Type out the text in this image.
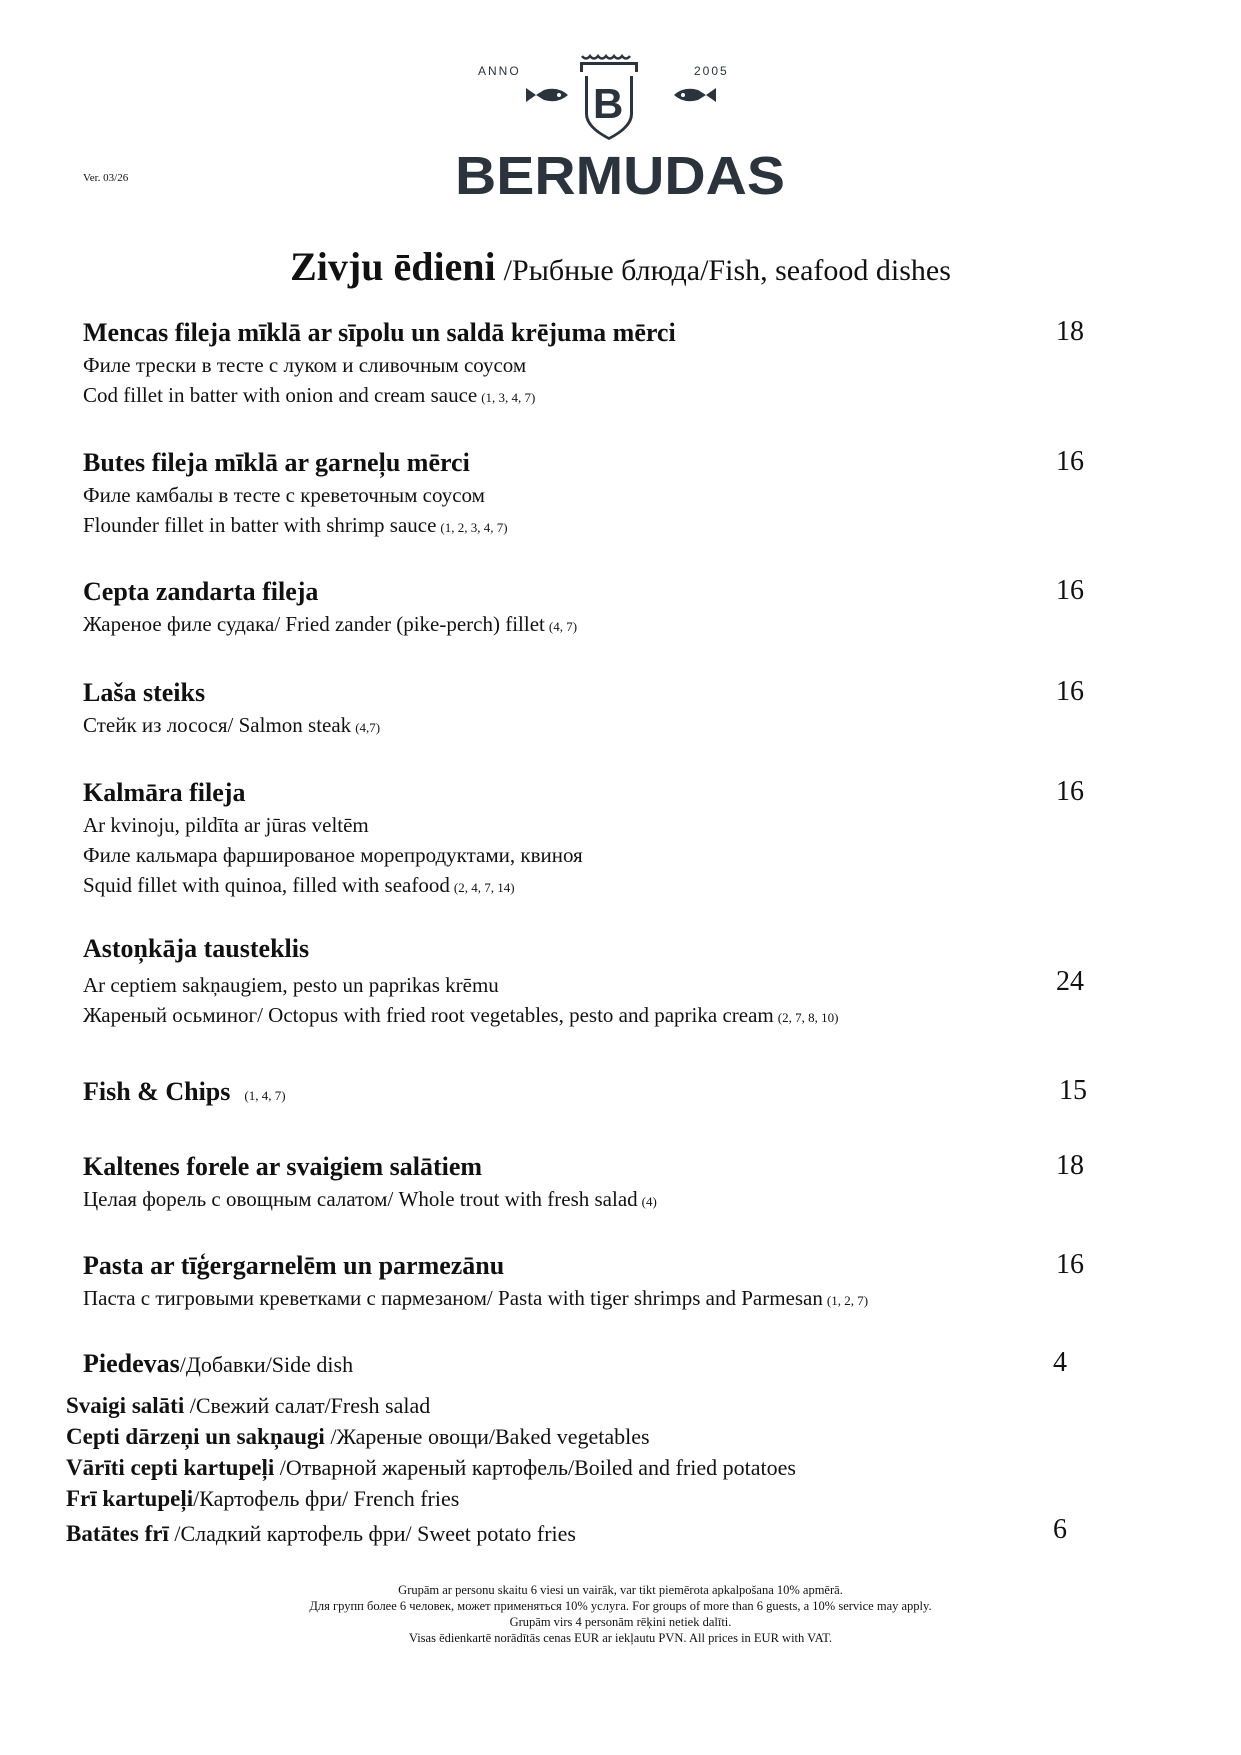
ANNO	2005
B
BERMUDAS
Ver. 03/26
Zivju ēdieni /Рыбные блюда/Fish, seafood dishes
Mencas fileja mīklā ar sīpolu un saldā krējuma mērci
Филе трески в тесте с луком и сливочным соусом
Cod fillet in batter with onion and cream sauce (1, 3, 4, 7)
18
Butes fileja mīklā ar garneļu mērci
Филе камбалы в тесте с креветочным соусом
Flounder fillet in batter with shrimp sauce (1, 2, 3, 4, 7)
16
Cepta zandarta fileja
Жареное филе судака/ Fried zander (pike-perch) fillet (4, 7)
16
Laša steiks
Стейк из лосося/ Salmon steak (4,7)
16
Kalmāra fileja
Ar kvinoju, pildīta ar jūras veltēm
Филе кальмара фаршированое морепродуктами, квиноя
Squid fillet with quinoa, filled with seafood (2, 4, 7, 14)
16
Astoņkāja tausteklis
Ar ceptiem sakņaugiem, pesto un paprikas krēmu
Жареный осьминог/ Octopus with fried root vegetables, pesto and paprika cream (2, 7, 8, 10)
24
Fish & Chips (1, 4, 7)	15
Kaltenes forele ar svaigiem salātiem
Целая форель с овощным салатом/ Whole trout with fresh salad (4)
18
Pasta ar tīģergarnelēm un parmezānu
Паста с тигровыми креветками с пармезаном/ Pasta with tiger shrimps and Parmesan (1, 2, 7)
16
Piedevas/Добавки/Side dish	4
Svaigi salāti /Свежий салат/Fresh salad
Cepti dārzeņi un sakņaugi /Жареные овощи/Baked vegetables
Vārīti cepti kartupeļi /Отварной жареный картофель/Boiled and fried potatoes
Frī kartupeļi/Картофель фри/ French fries
Batātes frī /Сладкий картофель фри/ Sweet potato fries	6
Grupām ar personu skaitu 6 viesi un vairāk, var tikt piemērota apkalpošana 10% apmērā.
Для групп более 6 человек, может применяться 10% услуга. For groups of more than 6 guests, a 10% service may apply.
Grupām virs 4 personām rēķini netiek dalīti.
Visas ēdienkartē norādītās cenas EUR ar iekļautu PVN. All prices in EUR with VAT.
